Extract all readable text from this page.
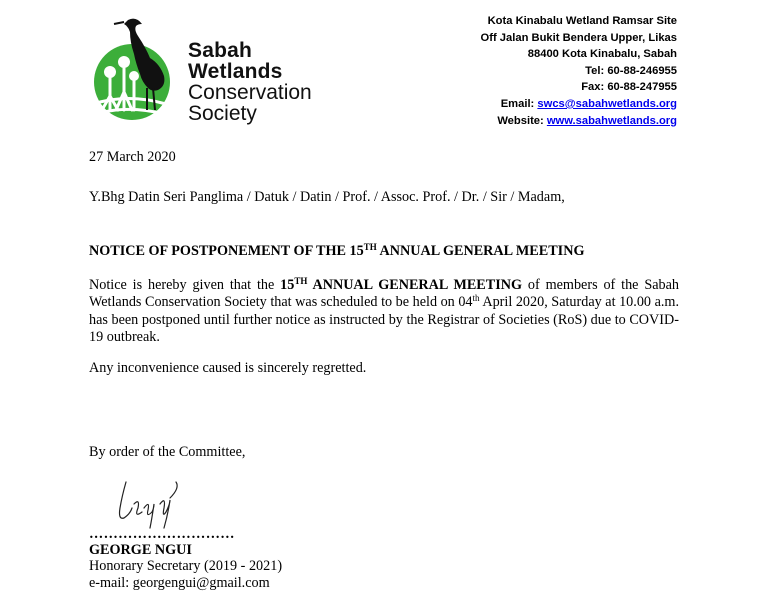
Sabah
Wetlands
Conservation
Society
Kota Kinabalu Wetland Ramsar Site
Off Jalan Bukit Bendera Upper, Likas
88400 Kota Kinabalu, Sabah
Tel: 60-88-246955
Fax: 60-88-247955
Email: swcs@sabahwetlands.org
Website: www.sabahwetlands.org
27 March 2020
Y.Bhg Datin Seri Panglima / Datuk / Datin / Prof. / Assoc. Prof. / Dr. / Sir / Madam,
NOTICE OF POSTPONEMENT OF THE 15TH ANNUAL GENERAL MEETING
Notice is hereby given that the 15TH ANNUAL GENERAL MEETING of members of the Sabah Wetlands Conservation Society that was scheduled to be held on 04th April 2020, Saturday at 10.00 a.m. has been postponed until further notice as instructed by the Registrar of Societies (RoS) due to COVID-19 outbreak.
Any inconvenience caused is sincerely regretted.
By order of the Committee,
…………………………
GEORGE NGUI
Honorary Secretary (2019 - 2021)
e-mail: georgengui@gmail.com
